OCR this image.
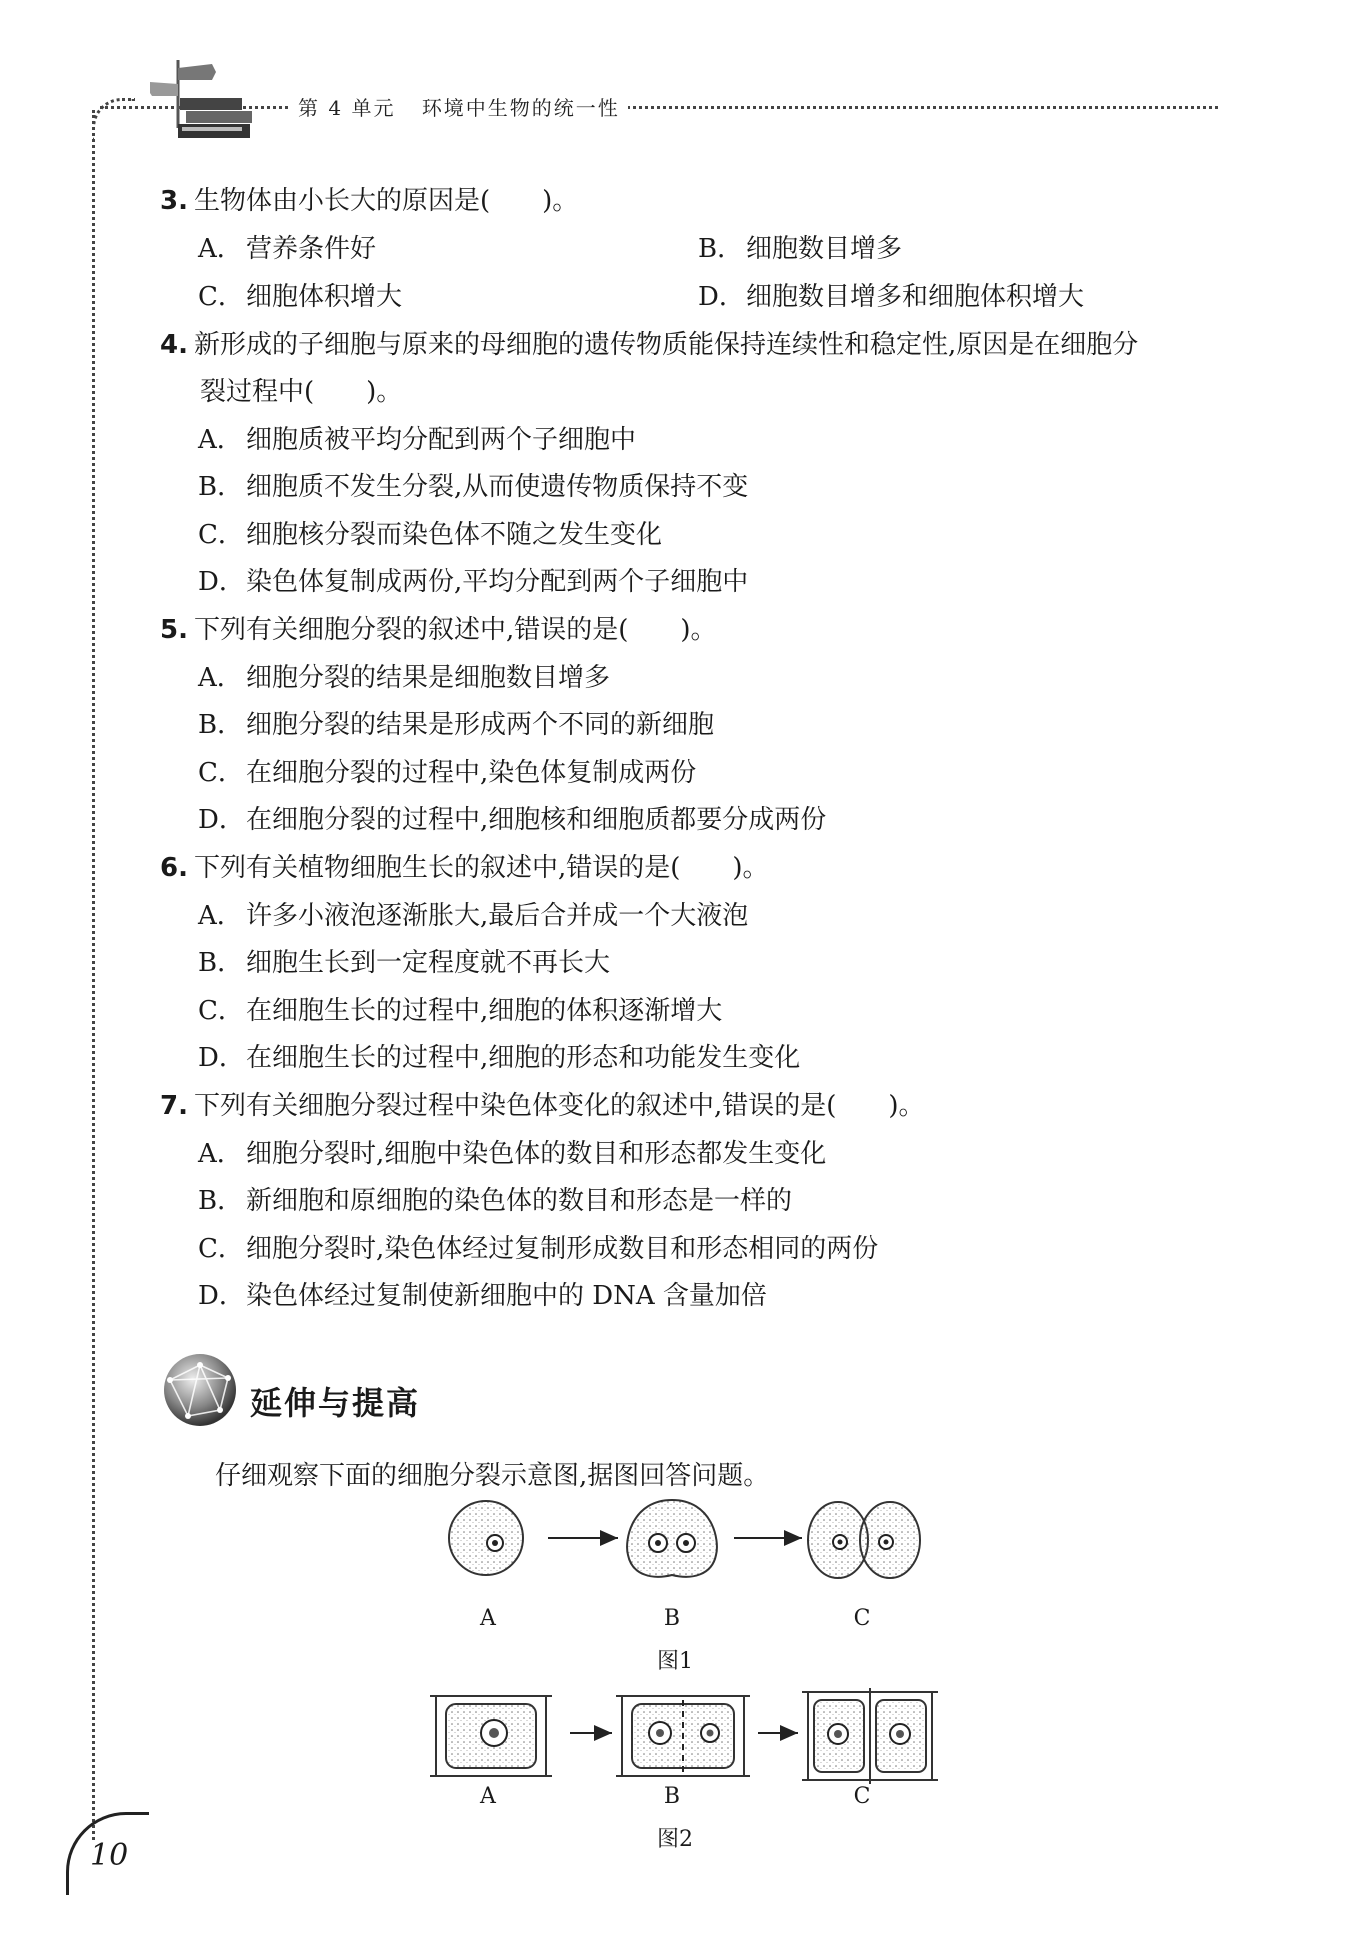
第 4 单元 环境中生物的统一性
3. 生物体由小长大的原因是(　　)。
A． 营养条件好	B． 细胞数目增多
C．细胞体积增大	D．细胞数目增多和细胞体积增大
4. 新形成的子细胞与原来的母细胞的遗传物质能保持连续性和稳定性,原因是在细胞分
裂过程中(　　)。
A． 细胞质被平均分配到两个子细胞中
B． 细胞质不发生分裂,从而使遗传物质保持不变
C．细胞核分裂而染色体不随之发生变化
D．染色体复制成两份,平均分配到两个子细胞中
5. 下列有关细胞分裂的叙述中,错误的是(　　)。
A． 细胞分裂的结果是细胞数目增多
B． 细胞分裂的结果是形成两个不同的新细胞
C．在细胞分裂的过程中,染色体复制成两份
D．在细胞分裂的过程中,细胞核和细胞质都要分成两份
6. 下列有关植物细胞生长的叙述中,错误的是(　　)。
A． 许多小液泡逐渐胀大,最后合并成一个大液泡
B． 细胞生长到一定程度就不再长大
C．在细胞生长的过程中,细胞的体积逐渐增大
D．在细胞生长的过程中,细胞的形态和功能发生变化
7. 下列有关细胞分裂过程中染色体变化的叙述中,错误的是(　　)。
A． 细胞分裂时,细胞中染色体的数目和形态都发生变化
B． 新细胞和原细胞的染色体的数目和形态是一样的
C．细胞分裂时,染色体经过复制形成数目和形态相同的两份
D．染色体经过复制使新细胞中的 DNA 含量加倍
延伸与提高
仔细观察下面的细胞分裂示意图,据图回答问题。
A	B	C
图1
A	B	C
图2
10
